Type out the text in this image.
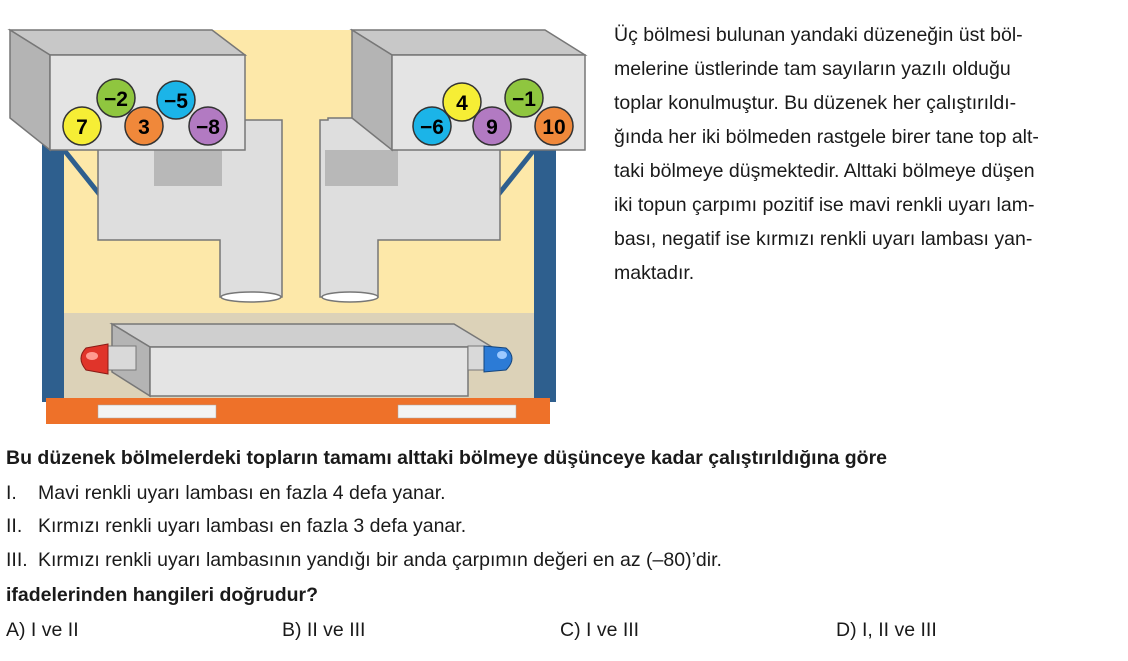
7
−2
3
−5
−8	−6
4
9
−1
10
Üç bölmesi bulunan yandaki düzeneğin üst böl-
melerine üstlerinde tam sayıların yazılı olduğu
toplar konulmuştur. Bu düzenek her çalıştırıldı-
ğında her iki bölmeden rastgele birer tane top alt-
taki bölmeye düşmektedir. Alttaki bölmeye düşen
iki topun çarpımı pozitif ise mavi renkli uyarı lam-
bası, negatif ise kırmızı renkli uyarı lambası yan-
maktadır.
Bu düzenek bölmelerdeki topların tamamı alttaki bölmeye düşünceye kadar çalıştırıldığına göre
I. Mavi renkli uyarı lambası en fazla 4 defa yanar.
II. Kırmızı renkli uyarı lambası en fazla 3 defa yanar.
III. Kırmızı renkli uyarı lambasının yandığı bir anda çarpımın değeri en az (–80)’dir.
ifadelerinden hangileri doğrudur?
A) I ve II	B) II ve III	C) I ve III	D) I, II ve III
